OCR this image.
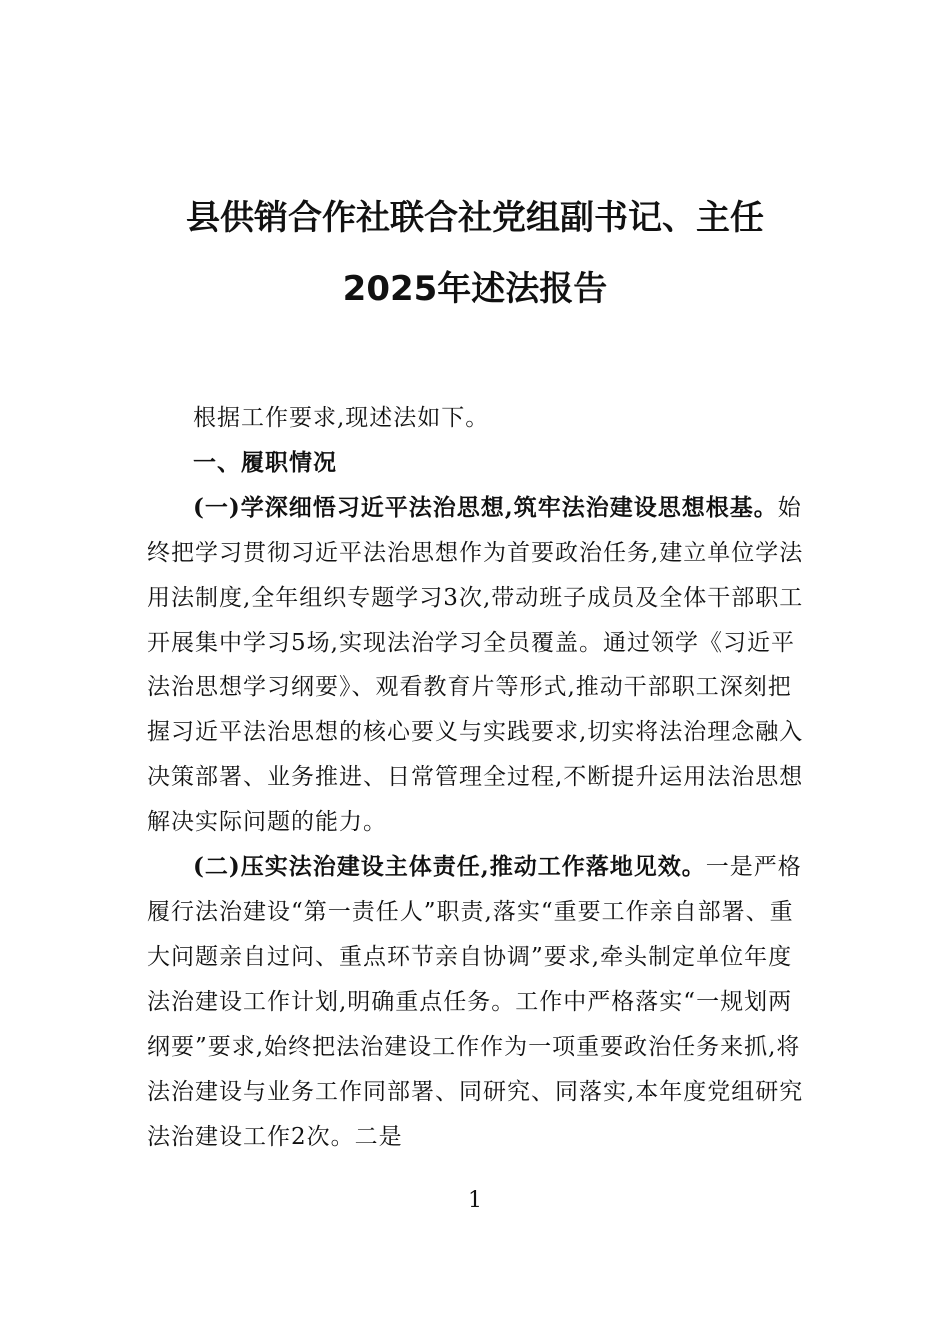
县供销合作社联合社党组副书记、主任
2025年述法报告

根据工作要求,现述法如下。

一、履职情况

(一)学深细悟习近平法治思想,筑牢法治建设思想根基。始终把学习贯彻习近平法治思想作为首要政治任务,建立单位学法用法制度,全年组织专题学习3次,带动班子成员及全体干部职工开展集中学习5场,实现法治学习全员覆盖。通过领学《习近平法治思想学习纲要》、观看教育片等形式,推动干部职工深刻把握习近平法治思想的核心要义与实践要求,切实将法治理念融入决策部署、业务推进、日常管理全过程,不断提升运用法治思想解决实际问题的能力。

(二)压实法治建设主体责任,推动工作落地见效。一是严格履行法治建设“第一责任人”职责,落实“重要工作亲自部署、重大问题亲自过问、重点环节亲自协调”要求,牵头制定单位年度法治建设工作计划,明确重点任务。工作中严格落实“一规划两纲要”要求,始终把法治建设工作作为一项重要政治任务来抓,将法治建设与业务工作同部署、同研究、同落实,本年度党组研究法治建设工作2次。二是

1
